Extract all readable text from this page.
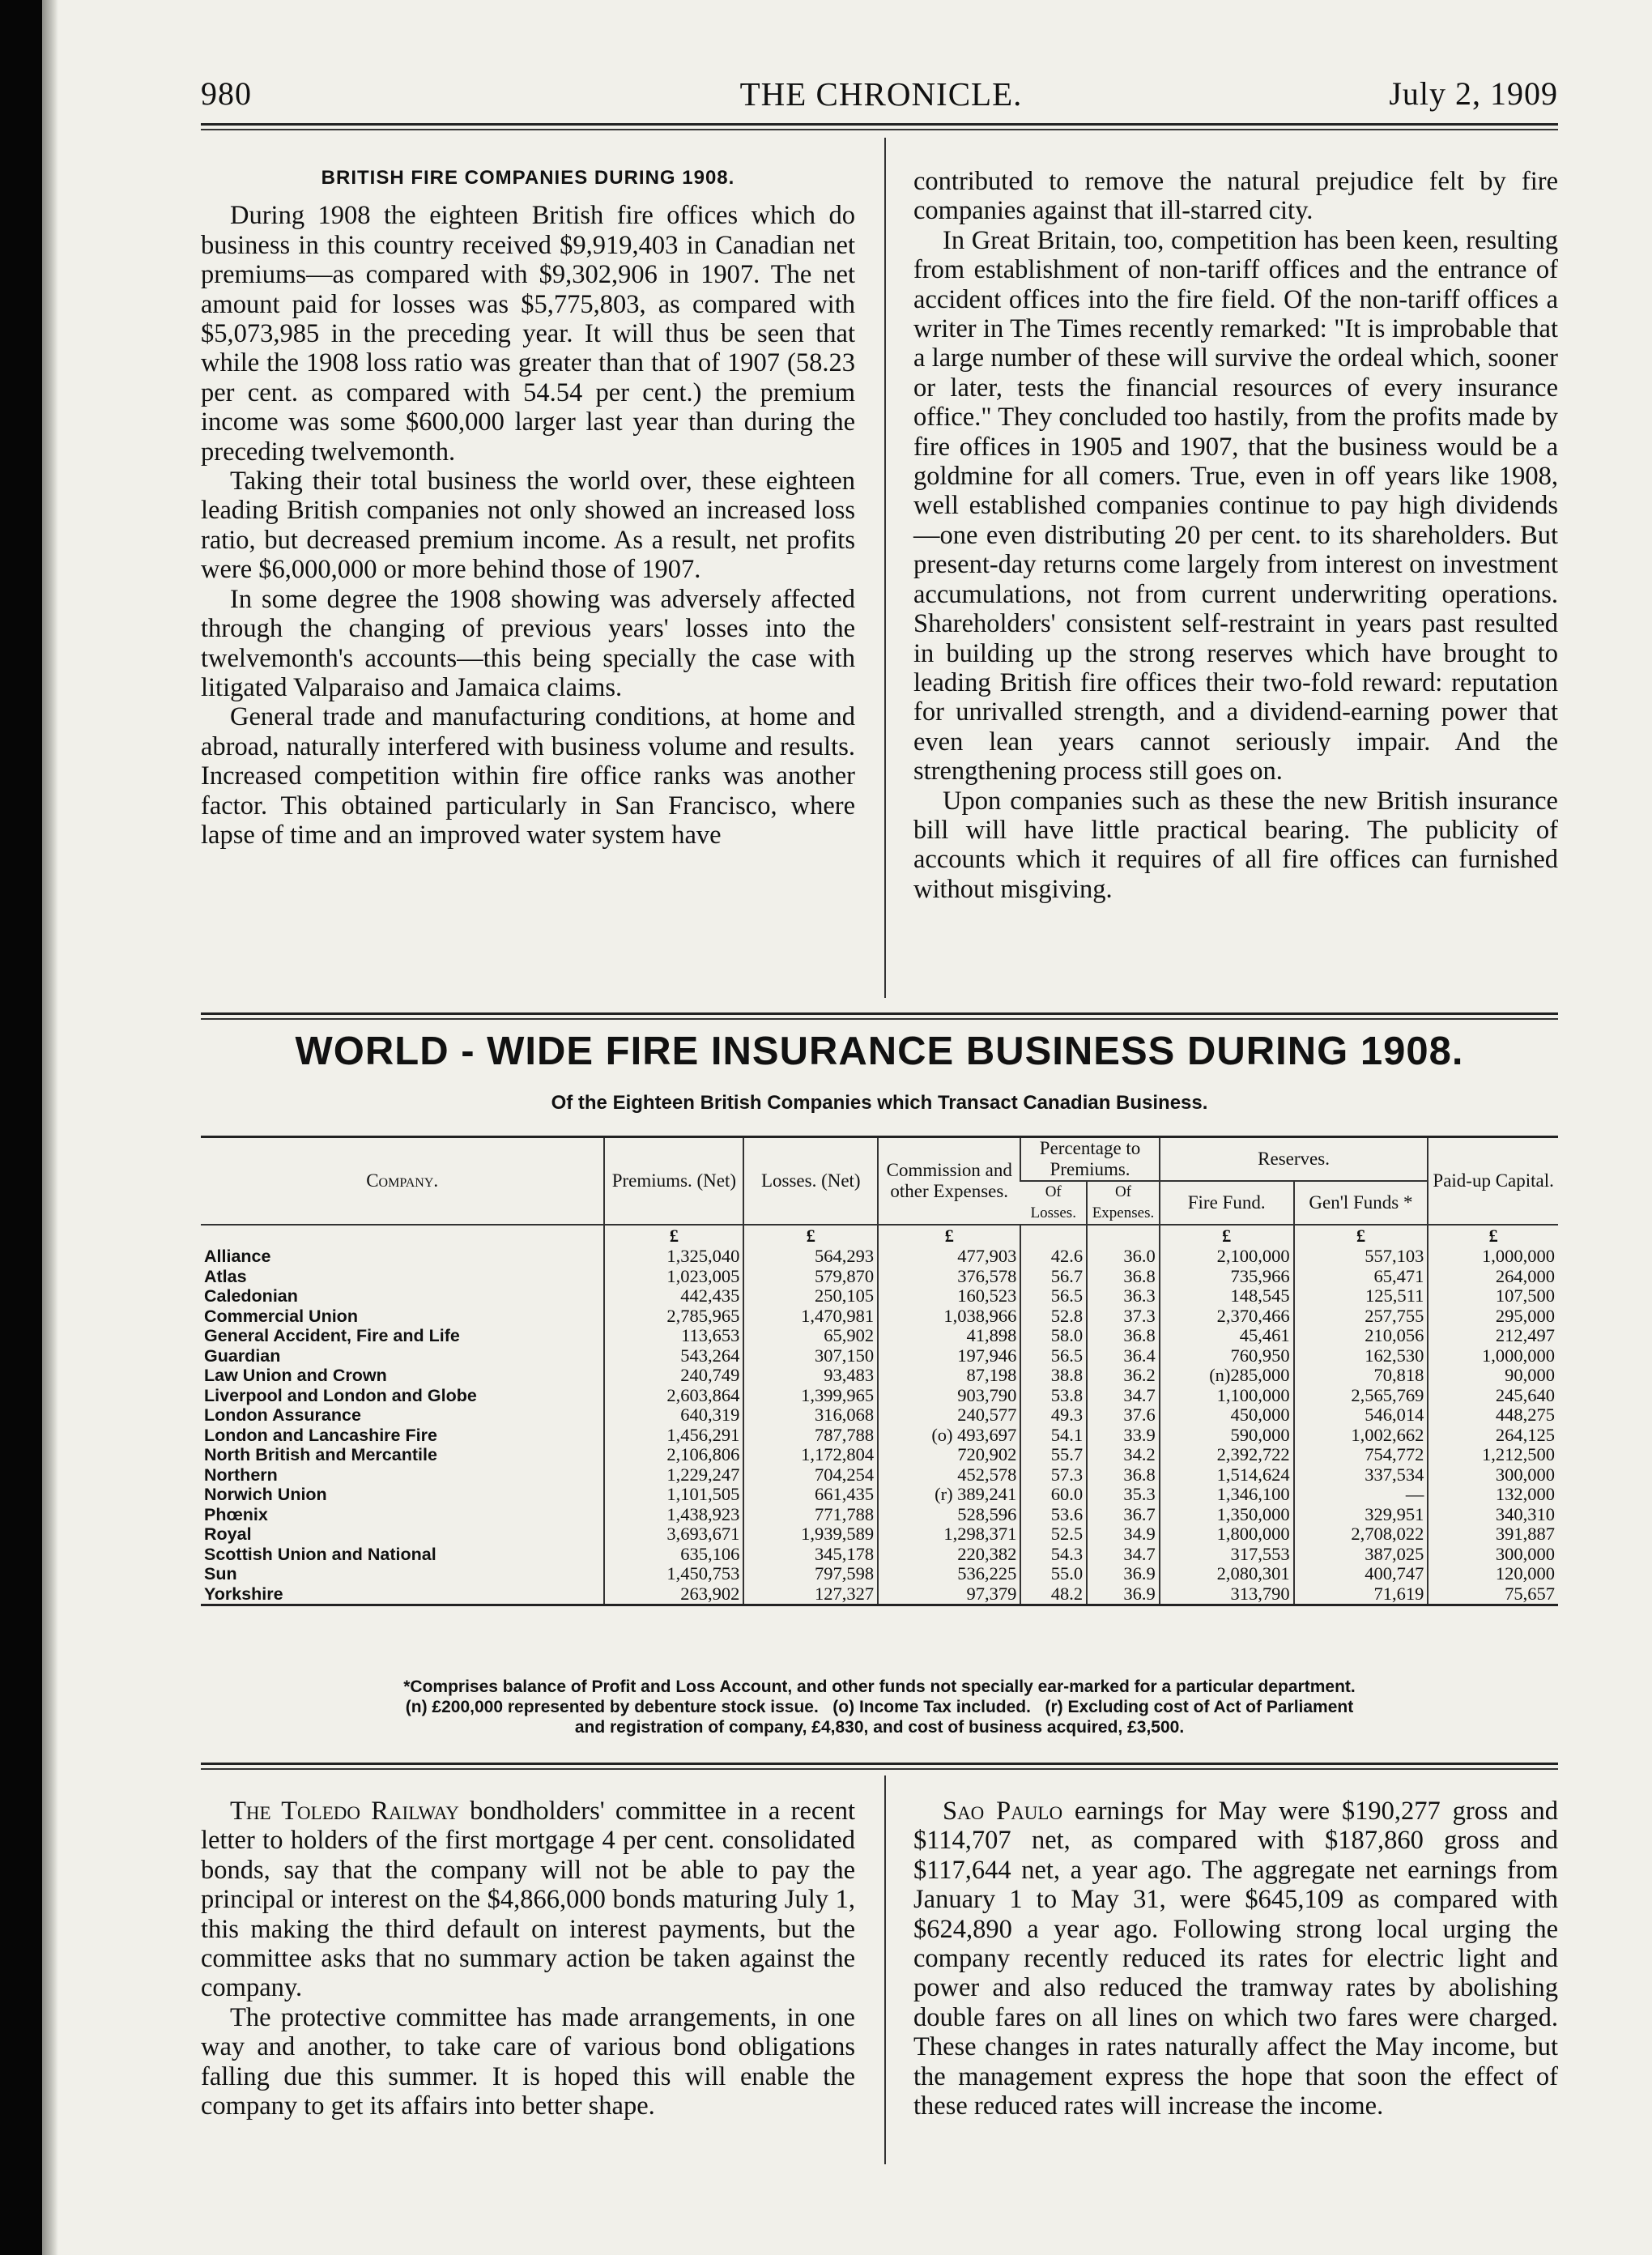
980	THE CHRONICLE.	July 2, 1909
BRITISH FIRE COMPANIES DURING 1908.

During 1908 the eighteen British fire offices which do business in this country received $9,919,403 in Canadian net premiums—as compared with $9,302,906 in 1907. The net amount paid for losses was $5,775,803, as compared with $5,073,985 in the preceding year. It will thus be seen that while the 1908 loss ratio was greater than that of 1907 (58.23 per cent. as compared with 54.54 per cent.) the premium income was some $600,000 larger last year than during the preceding twelvemonth.

Taking their total business the world over, these eighteen leading British companies not only showed an increased loss ratio, but decreased premium income. As a result, net profits were $6,000,000 or more behind those of 1907.

In some degree the 1908 showing was adversely affected through the changing of previous years' losses into the twelvemonth's accounts—this being specially the case with litigated Valparaiso and Jamaica claims.

General trade and manufacturing conditions, at home and abroad, naturally interfered with business volume and results. Increased competition within fire office ranks was another factor. This obtained particularly in San Francisco, where lapse of time and an improved water system have

contributed to remove the natural prejudice felt by fire companies against that ill-starred city.

In Great Britain, too, competition has been keen, resulting from establishment of non-tariff offices and the entrance of accident offices into the fire field. Of the non-tariff offices a writer in The Times recently remarked: "It is improbable that a large number of these will survive the ordeal which, sooner or later, tests the financial resources of every insurance office." They concluded too hastily, from the profits made by fire offices in 1905 and 1907, that the business would be a goldmine for all comers. True, even in off years like 1908, well established companies continue to pay high dividends—one even distributing 20 per cent. to its shareholders. But present-day returns come largely from interest on investment accumulations, not from current underwriting operations. Shareholders' consistent self-restraint in years past resulted in building up the strong reserves which have brought to leading British fire offices their two-fold reward: reputation for unrivalled strength, and a dividend-earning power that even lean years cannot seriously impair. And the strengthening process still goes on.

Upon companies such as these the new British insurance bill will have little practical bearing. The publicity of accounts which it requires of all fire offices can furnished without misgiving.

WORLD - WIDE FIRE INSURANCE BUSINESS DURING 1908.
Of the Eighteen British Companies which Transact Canadian Business.
Company.	Premiums. (Net)	Losses. (Net)	Commission and other Expenses.	Percentage to Premiums.		Reserves.		Paid-up Capital.
				Of Losses.	Of Expenses.	Fire Fund.	Gen'l Funds *	
	£	£	£			£	£	£
Alliance	1,325,040	564,293	477,903	42.6	36.0	2,100,000	557,103	1,000,000
Atlas	1,023,005	579,870	376,578	56.7	36.8	735,966	65,471	264,000
Caledonian	442,435	250,105	160,523	56.5	36.3	148,545	125,511	107,500
Commercial Union	2,785,965	1,470,981	1,038,966	52.8	37.3	2,370,466	257,755	295,000
General Accident, Fire and Life	113,653	65,902	41,898	58.0	36.8	45,461	210,056	212,497
Guardian	543,264	307,150	197,946	56.5	36.4	760,950	162,530	1,000,000
Law Union and Crown	240,749	93,483	87,198	38.8	36.2	(n)285,000	70,818	90,000
Liverpool and London and Globe	2,603,864	1,399,965	903,790	53.8	34.7	1,100,000	2,565,769	245,640
London Assurance	640,319	316,068	240,577	49.3	37.6	450,000	546,014	448,275
London and Lancashire Fire	1,456,291	787,788	(o) 493,697	54.1	33.9	590,000	1,002,662	264,125
North British and Mercantile	2,106,806	1,172,804	720,902	55.7	34.2	2,392,722	754,772	1,212,500
Northern	1,229,247	704,254	452,578	57.3	36.8	1,514,624	337,534	300,000
Norwich Union	1,101,505	661,435	(r) 389,241	60.0	35.3	1,346,100	—	132,000
Phœnix	1,438,923	771,788	528,596	53.6	36.7	1,350,000	329,951	340,310
Royal	3,693,671	1,939,589	1,298,371	52.5	34.9	1,800,000	2,708,022	391,887
Scottish Union and National	635,106	345,178	220,382	54.3	34.7	317,553	387,025	300,000
Sun	1,450,753	797,598	536,225	55.0	36.9	2,080,301	400,747	120,000
Yorkshire	263,902	127,327	97,379	48.2	36.9	313,790	71,619	75,657
*Comprises balance of Profit and Loss Account, and other funds not specially ear-marked for a particular department.
(n) £200,000 represented by debenture stock issue.   (o) Income Tax included.   (r) Excluding cost of Act of Parliament
and registration of company, £4,830, and cost of business acquired, £3,500.

The Toledo Railway bondholders' committee in a recent letter to holders of the first mortgage 4 per cent. consolidated bonds, say that the company will not be able to pay the principal or interest on the $4,866,000 bonds maturing July 1, this making the third default on interest payments, but the committee asks that no summary action be taken against the company.

The protective committee has made arrangements, in one way and another, to take care of various bond obligations falling due this summer. It is hoped this will enable the company to get its affairs into better shape.

Sao Paulo earnings for May were $190,277 gross and $114,707 net, as compared with $187,860 gross and $117,644 net, a year ago. The aggregate net earnings from January 1 to May 31, were $645,109 as compared with $624,890 a year ago. Following strong local urging the company recently reduced its rates for electric light and power and also reduced the tramway rates by abolishing double fares on all lines on which two fares were charged. These changes in rates naturally affect the May income, but the management express the hope that soon the effect of these reduced rates will increase the income.
